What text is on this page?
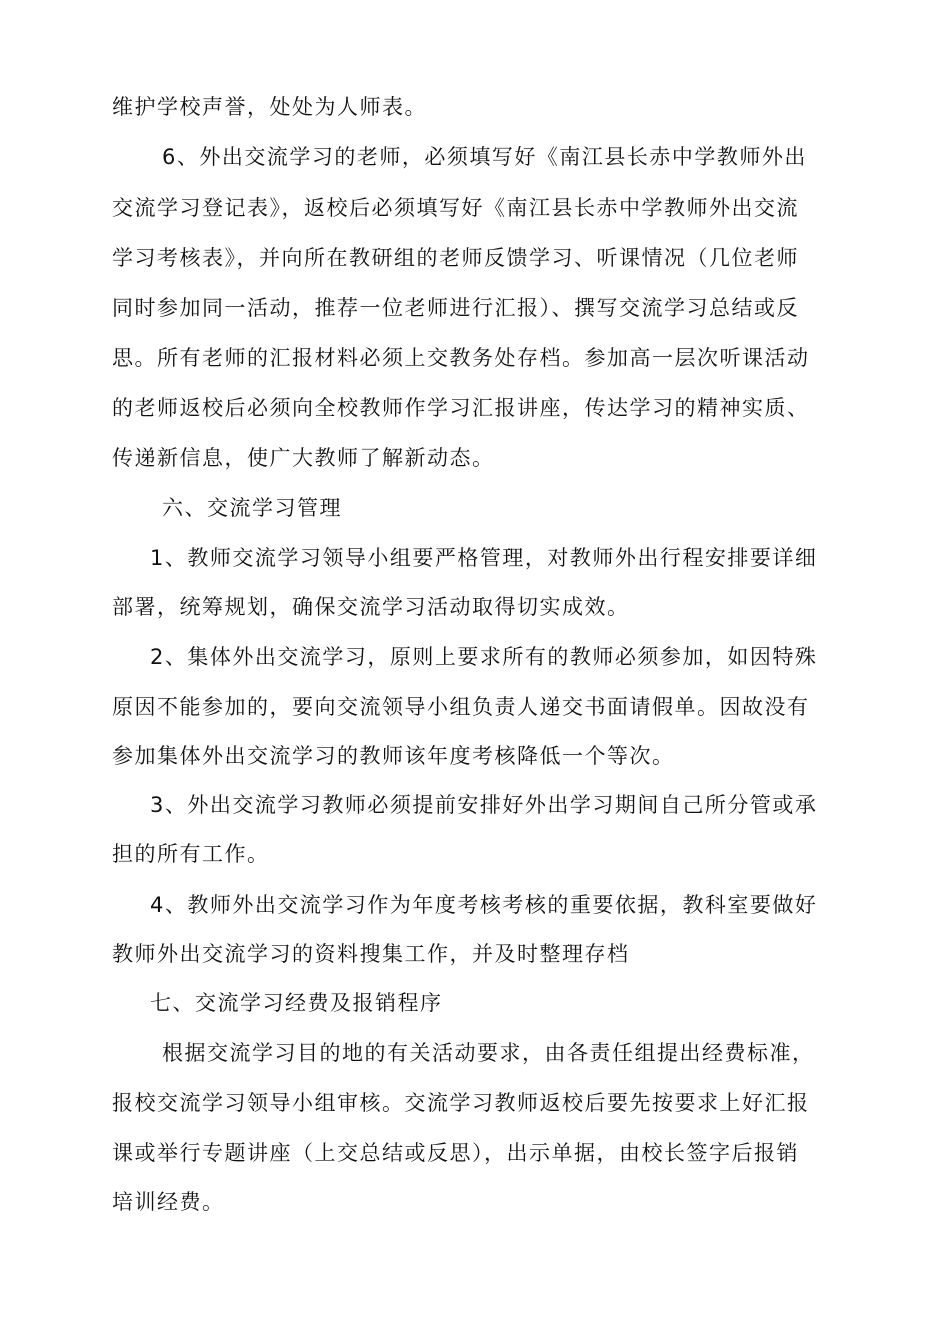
维护学校声誉，处处为人师表。
6、外出交流学习的老师，必须填写好《南江县长赤中学教师外出
交流学习登记表》，返校后必须填写好《南江县长赤中学教师外出交流
学习考核表》，并向所在教研组的老师反馈学习、听课情况（几位老师
同时参加同一活动，推荐一位老师进行汇报）、撰写交流学习总结或反
思。所有老师的汇报材料必须上交教务处存档。参加高一层次听课活动
的老师返校后必须向全校教师作学习汇报讲座，传达学习的精神实质、
传递新信息，使广大教师了解新动态。
六、交流学习管理
1、教师交流学习领导小组要严格管理，对教师外出行程安排要详细
部署，统筹规划，确保交流学习活动取得切实成效。
2、集体外出交流学习，原则上要求所有的教师必须参加，如因特殊
原因不能参加的，要向交流领导小组负责人递交书面请假单。因故没有
参加集体外出交流学习的教师该年度考核降低一个等次。
3、外出交流学习教师必须提前安排好外出学习期间自己所分管或承
担的所有工作。
4、教师外出交流学习作为年度考核考核的重要依据，教科室要做好
教师外出交流学习的资料搜集工作，并及时整理存档
七、交流学习经费及报销程序
根据交流学习目的地的有关活动要求，由各责任组提出经费标准，
报校交流学习领导小组审核。交流学习教师返校后要先按要求上好汇报
课或举行专题讲座（上交总结或反思），出示单据，由校长签字后报销
培训经费。
